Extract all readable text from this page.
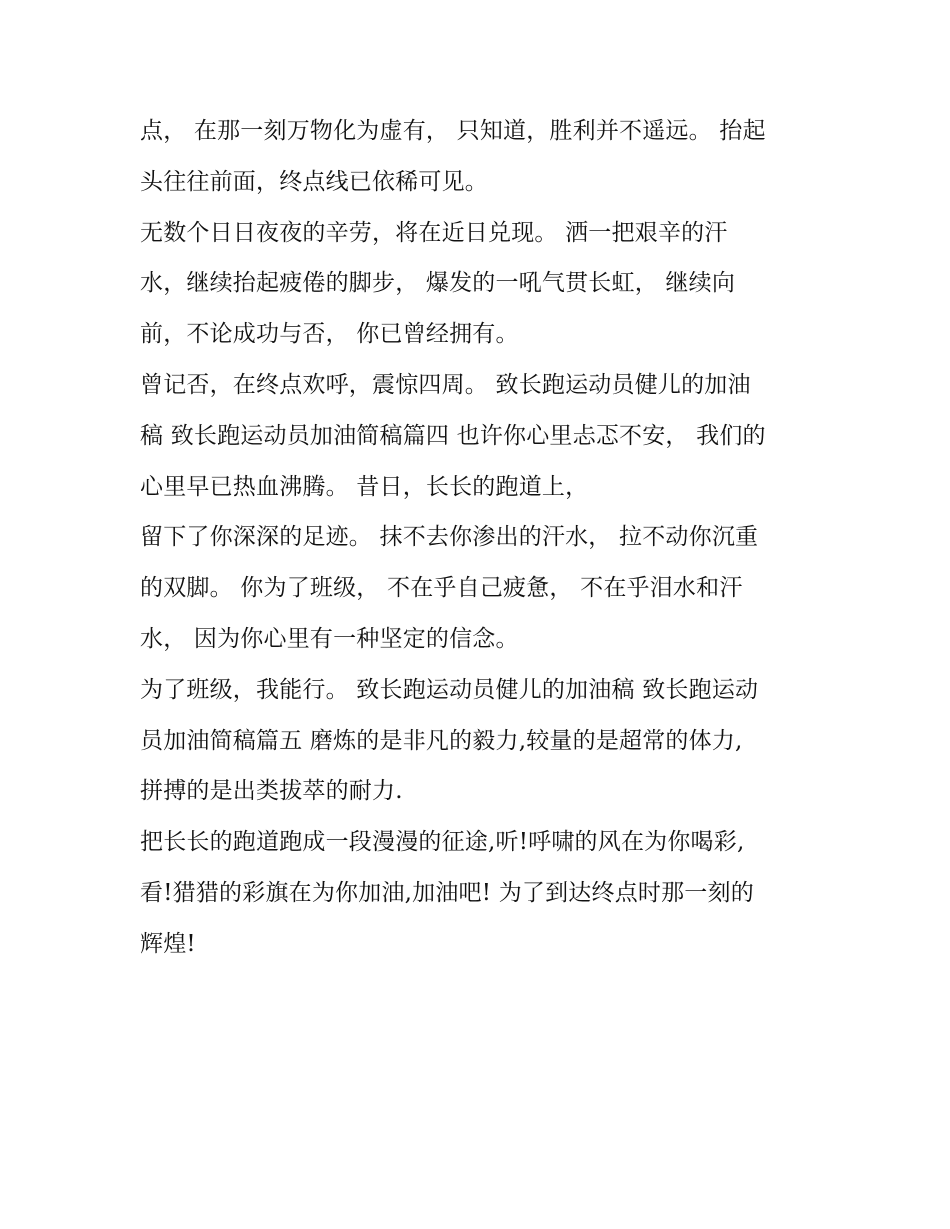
点， 在那一刻万物化为虚有， 只知道，胜利并不遥远。 抬起
头往往前面，终点线已依稀可见。
无数个日日夜夜的辛劳，将在近日兑现。 洒一把艰辛的汗
水，继续抬起疲倦的脚步， 爆发的一吼气贯长虹， 继续向
前，不论成功与否， 你已曾经拥有。
曾记否，在终点欢呼，震惊四周。 致长跑运动员健儿的加油
稿 致长跑运动员加油简稿篇四 也许你心里忐忑不安， 我们的
心里早已热血沸腾。 昔日，长长的跑道上，
留下了你深深的足迹。 抹不去你渗出的汗水， 拉不动你沉重
的双脚。 你为了班级， 不在乎自己疲惫， 不在乎泪水和汗
水， 因为你心里有一种坚定的信念。
为了班级，我能行。 致长跑运动员健儿的加油稿 致长跑运动
员加油简稿篇五 磨炼的是非凡的毅力,较量的是超常的体力,
拼搏的是出类拔萃的耐力.
把长长的跑道跑成一段漫漫的征途,听!呼啸的风在为你喝彩,
看!猎猎的彩旗在为你加油,加油吧! 为了到达终点时那一刻的
辉煌!
